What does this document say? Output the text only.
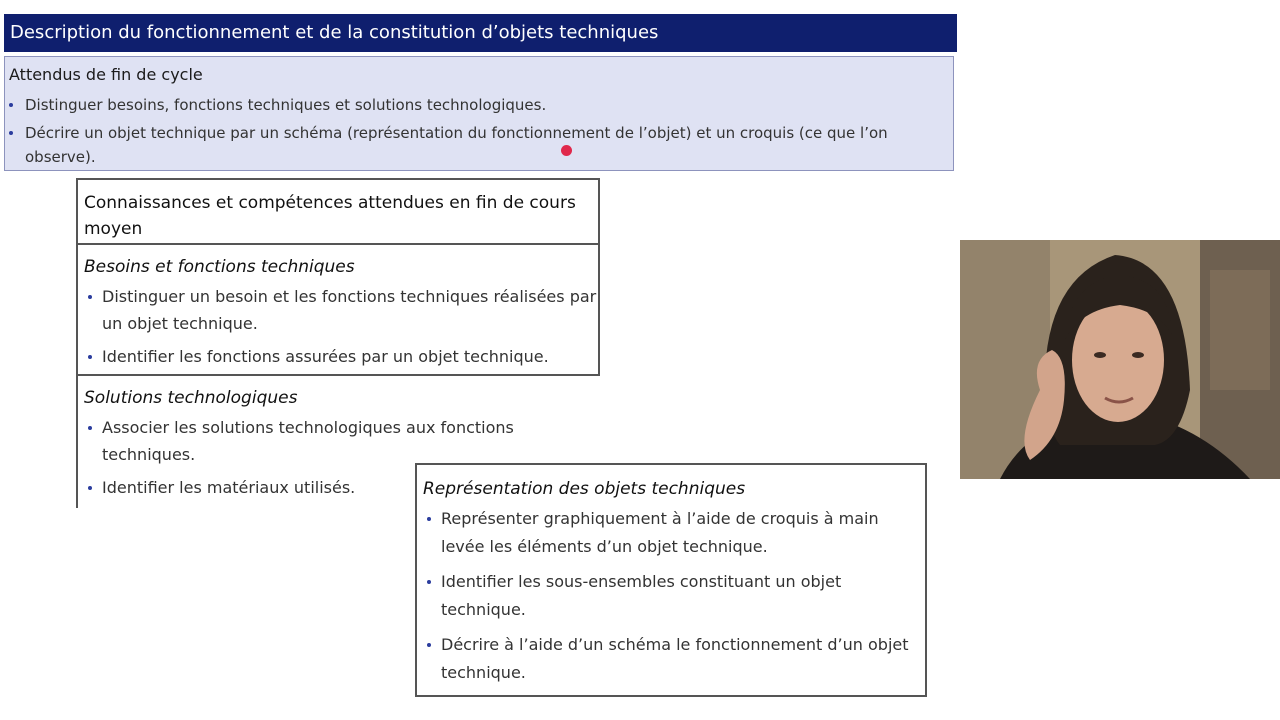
Description du fonctionnement et de la constitution d’objets techniques
Attendus de fin de cycle
Distinguer besoins, fonctions techniques et solutions technologiques.
Décrire un objet technique par un schéma (représentation du fonctionnement de l’objet) et un croquis (ce que l’on observe).
Connaissances et compétences attendues en fin de cours moyen
Besoins et fonctions techniques
Distinguer un besoin et les fonctions techniques réalisées par un objet technique.
Identifier les fonctions assurées par un objet technique.
Solutions technologiques
Associer les solutions technologiques aux fonctions techniques.
Identifier les matériaux utilisés.	Représentation des objets techniques
Représenter graphiquement à l’aide de croquis à main levée les éléments d’un objet technique.
Identifier les sous-ensembles constituant un objet technique.
Décrire à l’aide d’un schéma le fonctionnement d’un objet technique.
